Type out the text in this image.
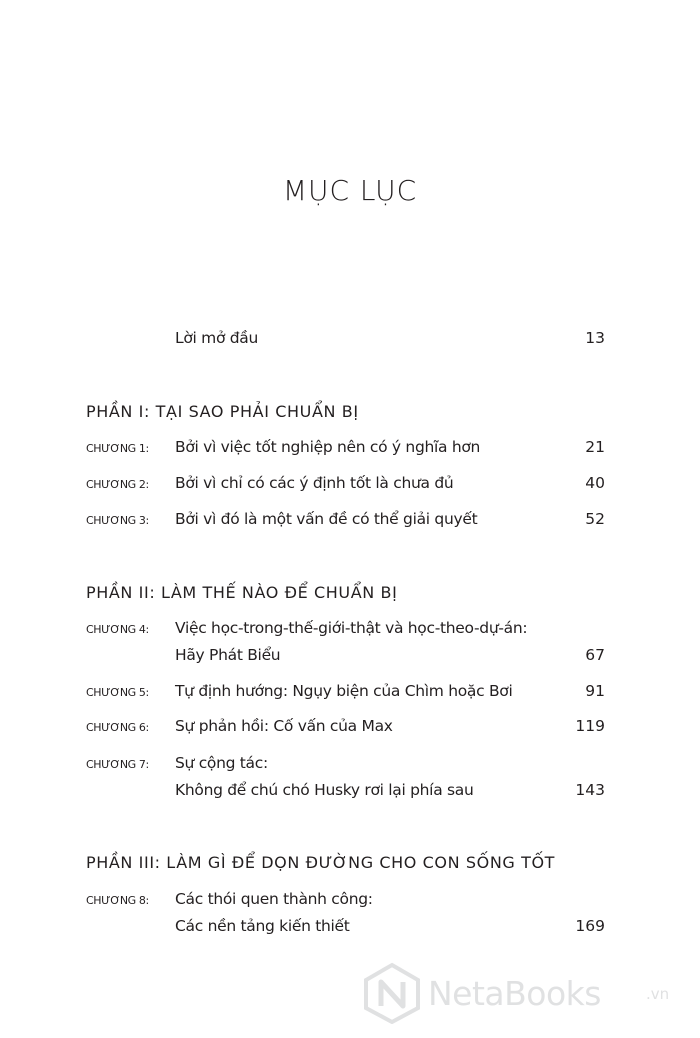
MỤC LỤC
Lời mở đầu	13
PHẦN I: TẠI SAO PHẢI CHUẨN BỊ
CHƯƠNG 1: Bởi vì việc tốt nghiệp nên có ý nghĩa hơn	21
CHƯƠNG 2: Bởi vì chỉ có các ý định tốt là chưa đủ	40
CHƯƠNG 3: Bởi vì đó là một vấn đề có thể giải quyết	52
PHẦN II: LÀM THẾ NÀO ĐỂ CHUẨN BỊ
CHƯƠNG 4: Việc học-trong-thế-giới-thật và học-theo-dự-án:
Hãy Phát Biểu	67
CHƯƠNG 5: Tự định hướng: Ngụy biện của Chìm hoặc Bơi	91
CHƯƠNG 6: Sự phản hồi: Cố vấn của Max	119
CHƯƠNG 7: Sự cộng tác:
Không để chú chó Husky rơi lại phía sau	143
PHẦN III: LÀM GÌ ĐỂ DỌN ĐƯỜNG CHO CON SỐNG TỐT
CHƯƠNG 8: Các thói quen thành công:
Các nền tảng kiến thiết	169
NetaBooks	.vn
